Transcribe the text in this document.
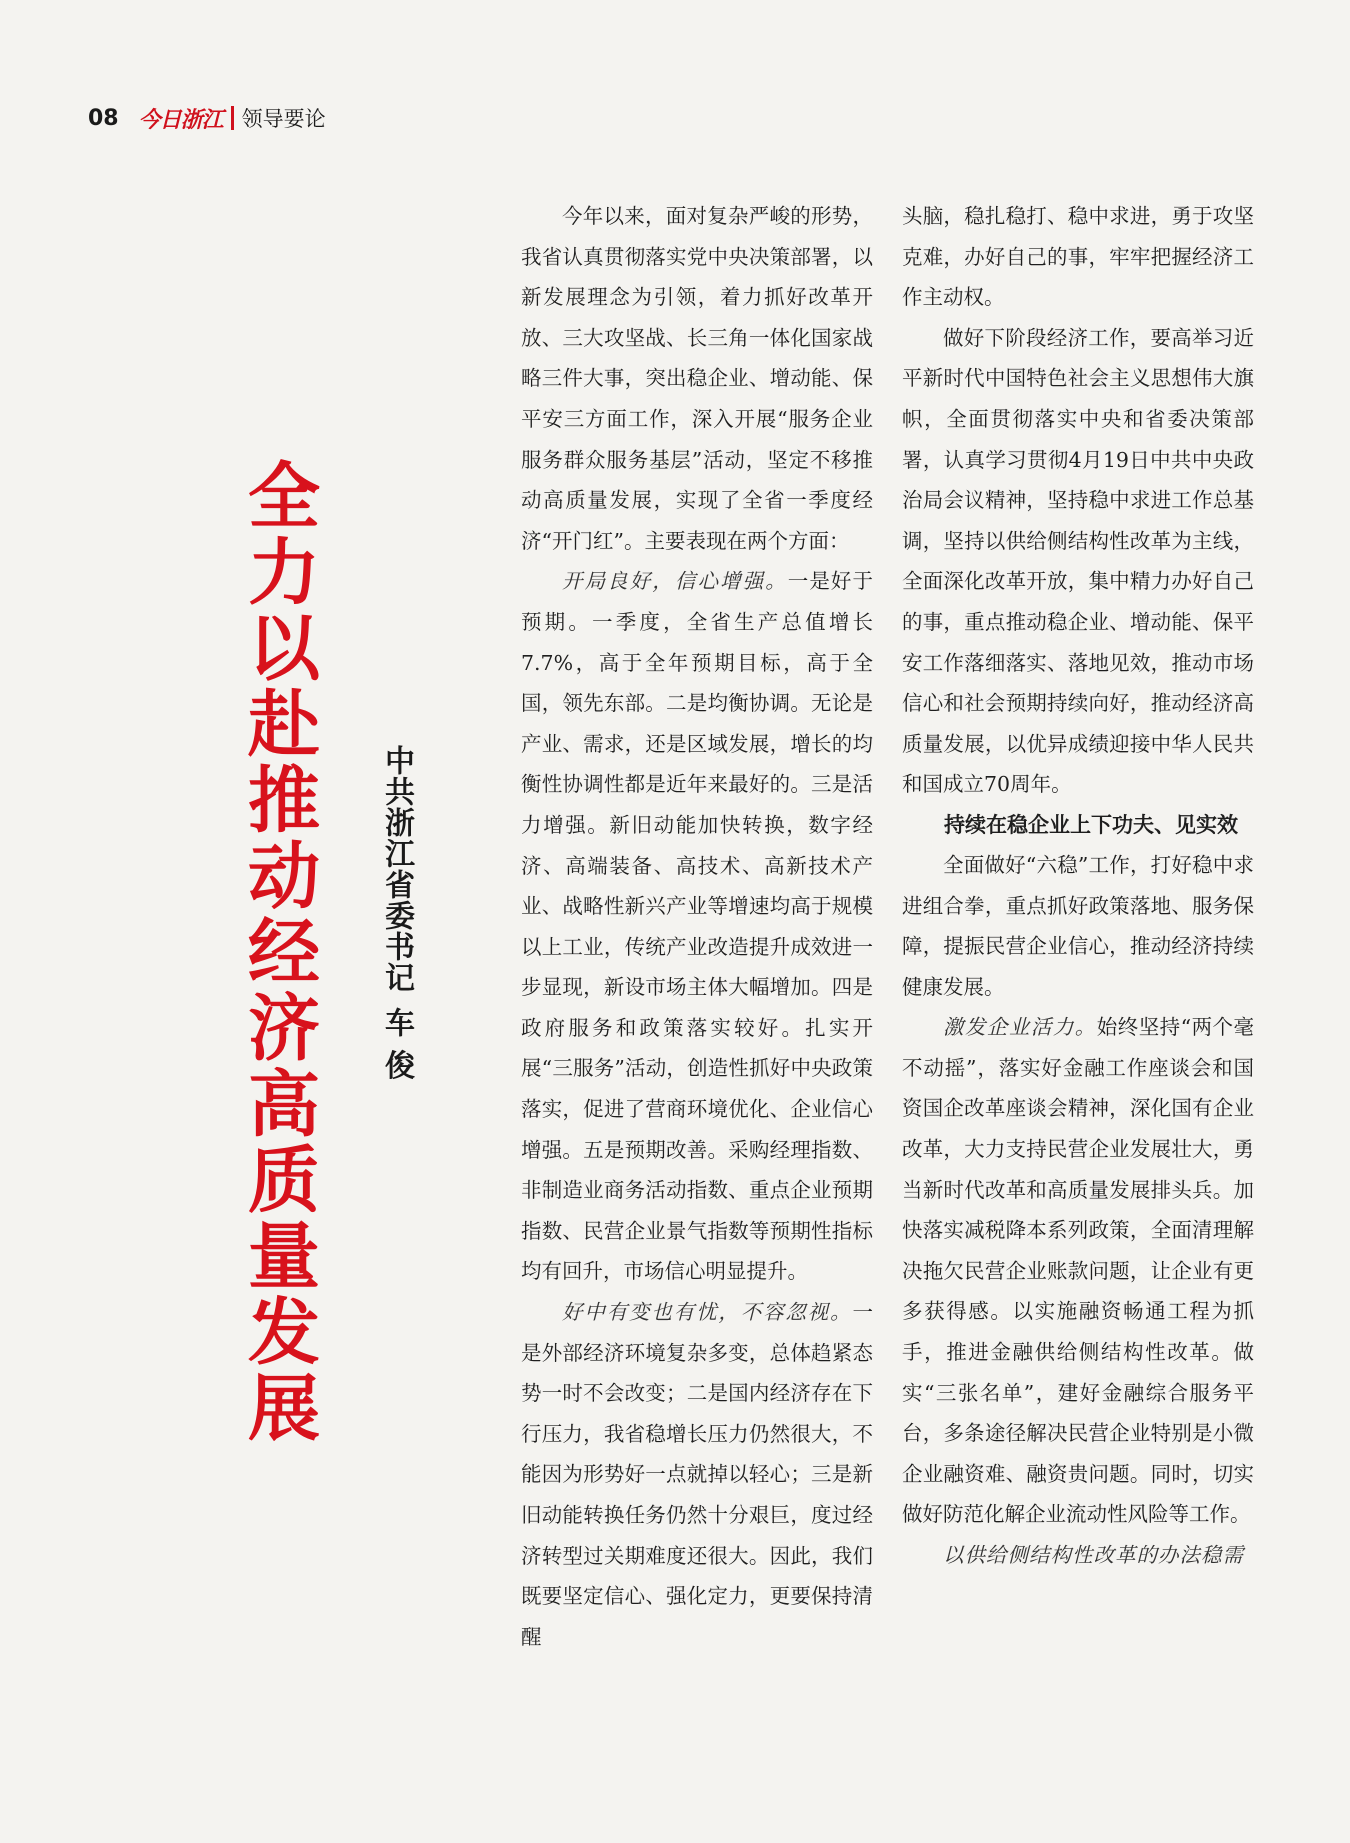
08 今日浙江 领导要论
全力以赴推动经济高质量发展 中共浙江省委书记车 俊

今年以来，面对复杂严峻的形势，我省认真贯彻落实党中央决策部署，以新发展理念为引领，着力抓好改革开放、三大攻坚战、长三角一体化国家战略三件大事，突出稳企业、增动能、保平安三方面工作，深入开展“服务企业服务群众服务基层”活动，坚定不移推动高质量发展，实现了全省一季度经济“开门红”。主要表现在两个方面：

开局良好，信心增强。一是好于预期。一季度，全省生产总值增长7.7%，高于全年预期目标，高于全国，领先东部。二是均衡协调。无论是产业、需求，还是区域发展，增长的均衡性协调性都是近年来最好的。三是活力增强。新旧动能加快转换，数字经济、高端装备、高技术、高新技术产业、战略性新兴产业等增速均高于规模以上工业，传统产业改造提升成效进一步显现，新设市场主体大幅增加。四是政府服务和政策落实较好。扎实开展“三服务”活动，创造性抓好中央政策落实，促进了营商环境优化、企业信心增强。五是预期改善。采购经理指数、非制造业商务活动指数、重点企业预期指数、民营企业景气指数等预期性指标均有回升，市场信心明显提升。

好中有变也有忧，不容忽视。一是外部经济环境复杂多变，总体趋紧态势一时不会改变；二是国内经济存在下行压力，我省稳增长压力仍然很大，不能因为形势好一点就掉以轻心；三是新旧动能转换任务仍然十分艰巨，度过经济转型过关期难度还很大。因此，我们既要坚定信心、强化定力，更要保持清醒

头脑，稳扎稳打、稳中求进，勇于攻坚克难，办好自己的事，牢牢把握经济工作主动权。

做好下阶段经济工作，要高举习近平新时代中国特色社会主义思想伟大旗帜，全面贯彻落实中央和省委决策部署，认真学习贯彻4月19日中共中央政治局会议精神，坚持稳中求进工作总基调，坚持以供给侧结构性改革为主线，全面深化改革开放，集中精力办好自己的事，重点推动稳企业、增动能、保平安工作落细落实、落地见效，推动市场信心和社会预期持续向好，推动经济高质量发展，以优异成绩迎接中华人民共和国成立70周年。

持续在稳企业上下功夫、见实效

全面做好“六稳”工作，打好稳中求进组合拳，重点抓好政策落地、服务保障，提振民营企业信心，推动经济持续健康发展。

激发企业活力。始终坚持“两个毫不动摇”，落实好金融工作座谈会和国资国企改革座谈会精神，深化国有企业改革，大力支持民营企业发展壮大，勇当新时代改革和高质量发展排头兵。加快落实减税降本系列政策，全面清理解决拖欠民营企业账款问题，让企业有更多获得感。以实施融资畅通工程为抓手，推进金融供给侧结构性改革。做实“三张名单”，建好金融综合服务平台，多条途径解决民营企业特别是小微企业融资难、融资贵问题。同时，切实做好防范化解企业流动性风险等工作。

以供给侧结构性改革的办法稳需
